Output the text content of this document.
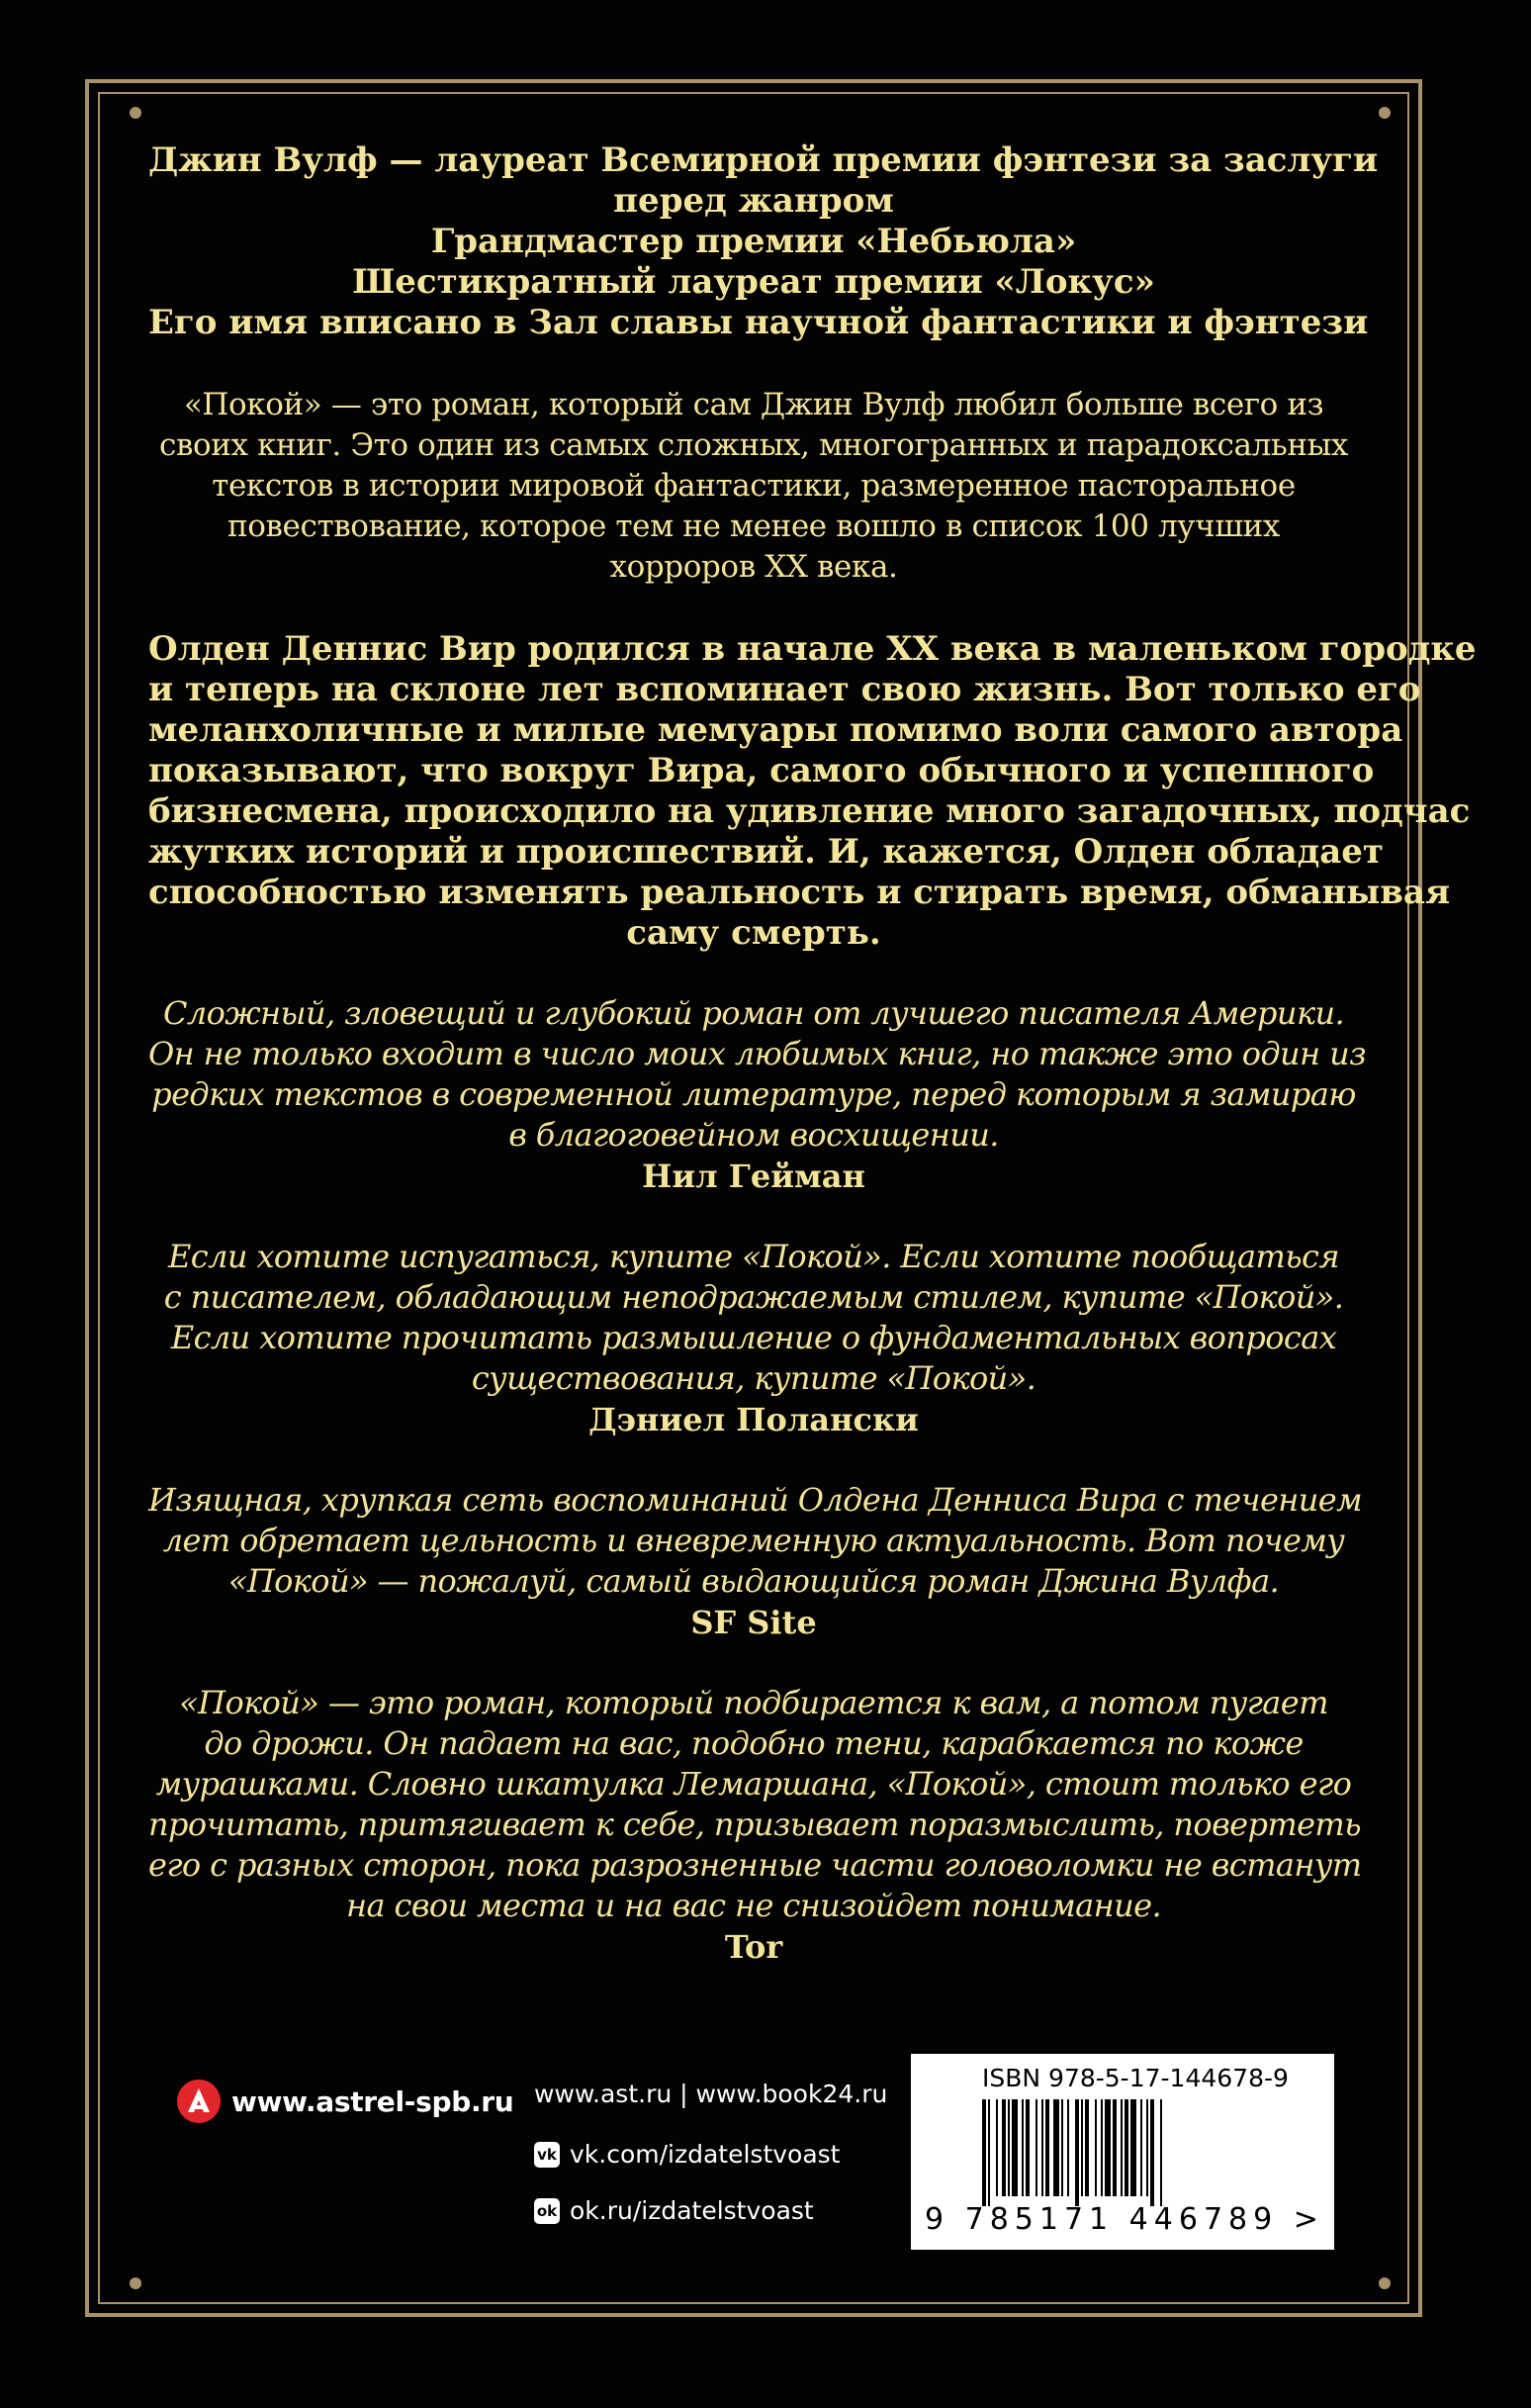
Джин Вулф — лауреат Всемирной премии фэнтези за заслуги
перед жанром
Грандмастер премии «Небьюла»
Шестикратный лауреат премии «Локус»
Его имя вписано в Зал славы научной фантастики и фэнтези
«Покой» — это роман, который сам Джин Вулф любил больше всего из
своих книг. Это один из самых сложных, многогранных и парадоксальных
текстов в истории мировой фантастики, размеренное пасторальное
повествование, которое тем не менее вошло в список 100 лучших
хорроров XX века.
Олден Деннис Вир родился в начале XX века в маленьком городке
и теперь на склоне лет вспоминает свою жизнь. Вот только его
меланхоличные и милые мемуары помимо воли самого автора
показывают, что вокруг Вира, самого обычного и успешного
бизнесмена, происходило на удивление много загадочных, подчас
жутких историй и происшествий. И, кажется, Олден обладает
способностью изменять реальность и стирать время, обманывая
саму смерть.
Сложный, зловещий и глубокий роман от лучшего писателя Америки.
Он не только входит в число моих любимых книг, но также это один из
редких текстов в современной литературе, перед которым я замираю
в благоговейном восхищении.
Нил Гейман
Если хотите испугаться, купите «Покой». Если хотите пообщаться
с писателем, обладающим неподражаемым стилем, купите «Покой».
Если хотите прочитать размышление о фундаментальных вопросах
существования, купите «Покой».
Дэниел Полански
Изящная, хрупкая сеть воспоминаний Олдена Денниса Вира с течением
лет обретает цельность и вневременную актуальность. Вот почему
«Покой» — пожалуй, самый выдающийся роман Джина Вулфа.
SF Site
«Покой» — это роман, который подбирается к вам, а потом пугает
до дрожи. Он падает на вас, подобно тени, карабкается по коже
мурашками. Словно шкатулка Лемаршана, «Покой», стоит только его
прочитать, притягивает к себе, призывает поразмыслить, повертеть
его с разных сторон, пока разрозненные части головоломки не встанут
на свои места и на вас не снизойдет понимание.
Tor
www.astrel-spb.ru www.ast.ru | www.book24.ru
vk vk.com/izdatelstvoast
ok ok.ru/izdatelstvoast
ISBN 978-5-17-144678-9
9 785171 446789 >
